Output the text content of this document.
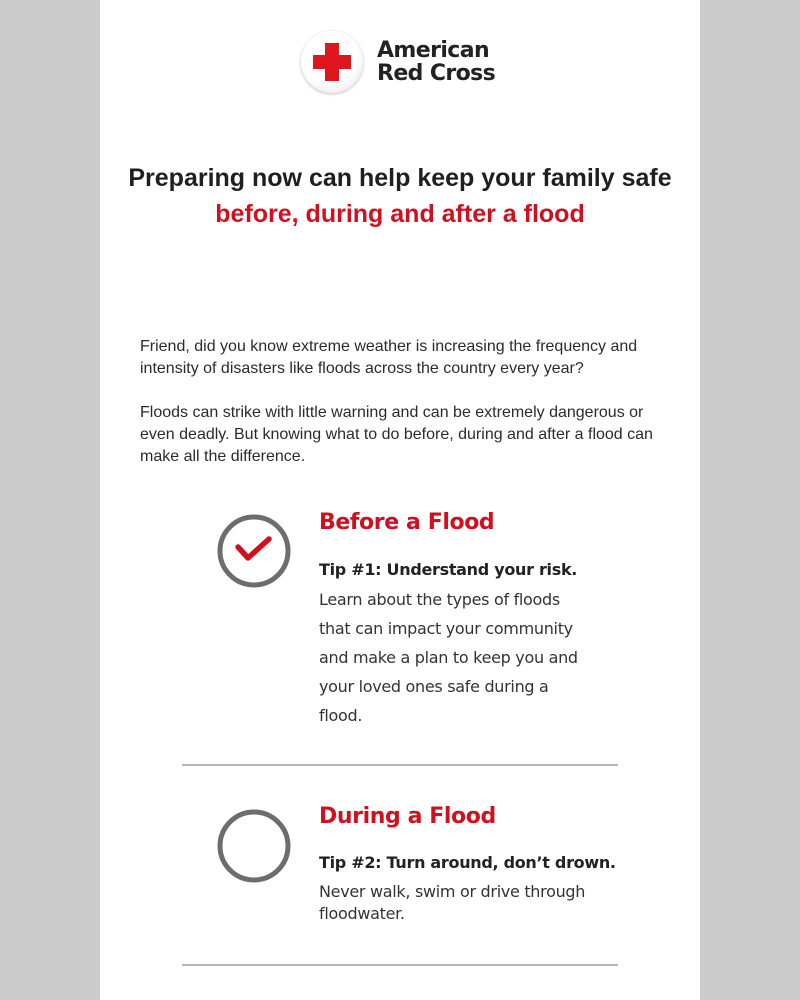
American
Red Cross
Preparing now can help keep your family safe
before, during and after a flood

Friend, did you know extreme weather is increasing the frequency and intensity of disasters like floods across the country every year?

Floods can strike with little warning and can be extremely dangerous or even deadly. But knowing what to do before, during and after a flood can make all the difference.

Before a Flood
Tip #1: Understand your risk.
Learn about the types of floods that can impact your community and make a plan to keep you and your loved ones safe during a flood.
During a Flood
Tip #2: Turn around, don’t drown.
Never walk, swim or drive through floodwater.
